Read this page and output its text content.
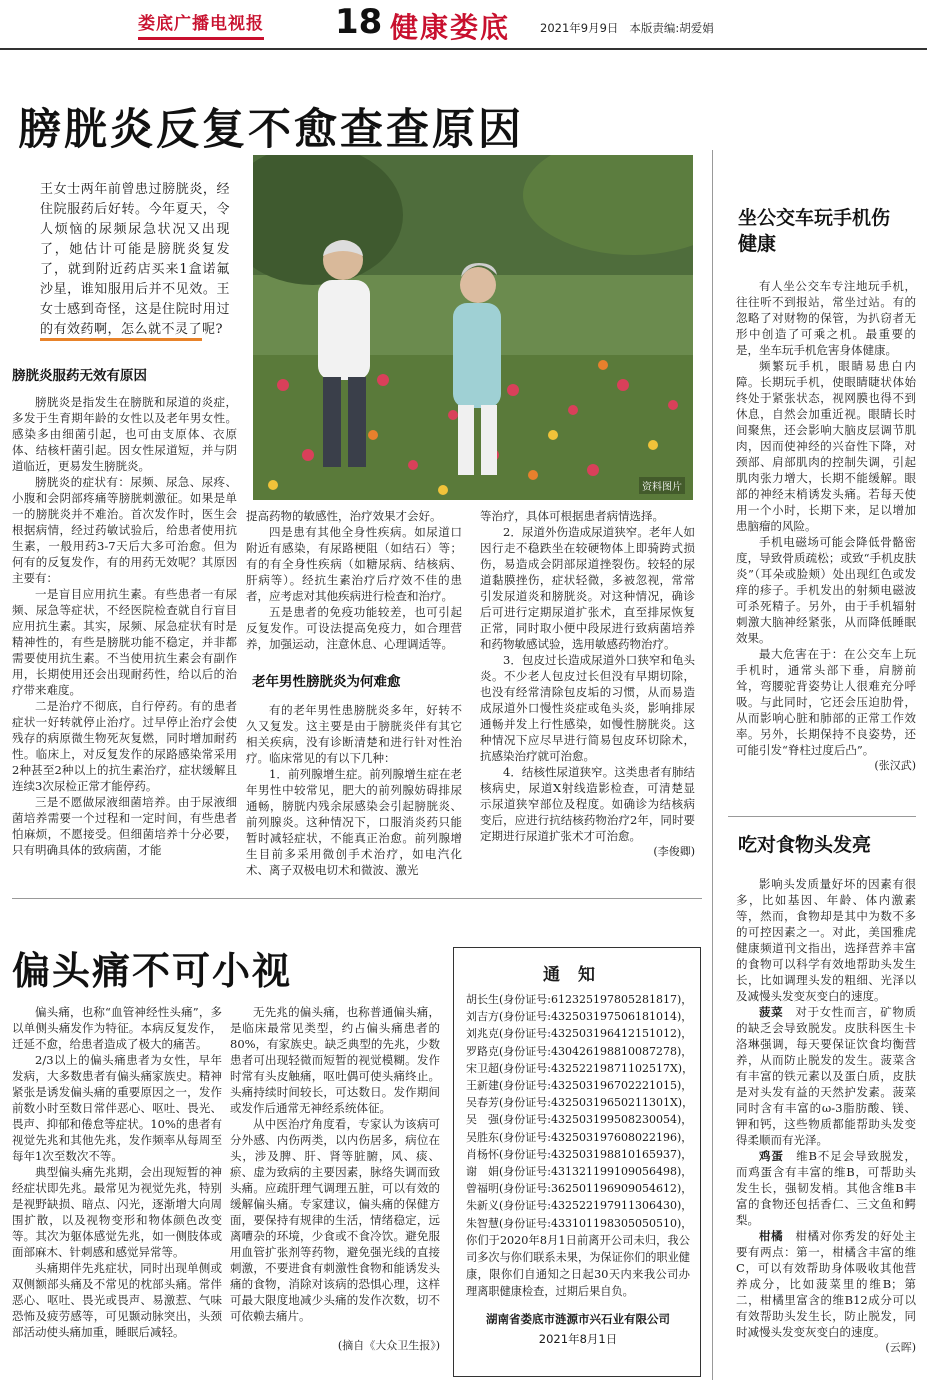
娄底广播电视报 18 健康娄底	2021年9月9日 本版责编:胡爱娟
膀胱炎反复不愈查查原因
王女士两年前曾患过膀胱炎，经住院服药后好转。今年夏天，令人烦恼的尿频尿急状况又出现了，她估计可能是膀胱炎复发了，就到附近药店买来1盒诺氟沙星，谁知服用后并不见效。王女士感到奇怪，这是住院时用过的有效药啊，怎么就不灵了呢?
资料图片
膀胱炎服药无效有原因

膀胱炎是指发生在膀胱和尿道的炎症，多发于生育期年龄的女性以及老年男女性。感染多由细菌引起，也可由支原体、衣原体、结核杆菌引起。因女性尿道短，并与阴道临近，更易发生膀胱炎。

膀胱炎的症状有：尿频、尿急、尿疼、小腹和会阴部疼痛等膀胱刺激征。如果是单一的膀胱炎并不难治。首次发作时，医生会根据病情，经过药敏试验后，给患者使用抗生素，一般用药3-7天后大多可治愈。但为何有的反复发作，有的用药无效呢？其原因主要有：

一是盲目应用抗生素。有些患者一有尿频、尿急等症状，不经医院检查就自行盲目应用抗生素。其实，尿频、尿急症状有时是精神性的，有些是膀胱功能不稳定，并非都需要使用抗生素。不当使用抗生素会有副作用，长期使用还会出现耐药性，给以后的治疗带来难度。

二是治疗不彻底，自行停药。有的患者症状一好转就停止治疗。过早停止治疗会使残存的病原微生物死灰复燃，同时增加耐药性。临床上，对反复发作的尿路感染常采用2种甚至2种以上的抗生素治疗，症状缓解且连续3次尿检正常才能停药。

三是不愿做尿液细菌培养。由于尿液细菌培养需要一个过程和一定时间，有些患者怕麻烦，不愿接受。但细菌培养十分必要，只有明确具体的致病菌，才能

提高药物的敏感性，治疗效果才会好。

四是患有其他全身性疾病。如尿道口附近有感染，有尿路梗阻（如结石）等；有的有全身性疾病（如糖尿病、结核病、肝病等）。经抗生素治疗后疗效不佳的患者，应考虑对其他疾病进行检查和治疗。

五是患者的免疫功能较差，也可引起反复发作。可设法提高免疫力，如合理营养，加强运动，注意休息、心理调适等。

老年男性膀胱炎为何难愈

有的老年男性患膀胱炎多年，好转不久又复发。这主要是由于膀胱炎伴有其它相关疾病，没有诊断清楚和进行针对性治疗。临床常见的有以下几种：

1．前列腺增生症。前列腺增生症在老年男性中较常见，肥大的前列腺妨碍排尿通畅，膀胱内残余尿感染会引起膀胱炎、前列腺炎。这种情况下，口服消炎药只能暂时减轻症状，不能真正治愈。前列腺增生目前多采用微创手术治疗，如电汽化术、离子双极电切术和微波、激光

等治疗，具体可根据患者病情选择。

2．尿道外伤造成尿道狭窄。老年人如因行走不稳跌坐在较硬物体上即骑跨式损伤，易造成会阴部尿道挫裂伤。较轻的尿道黏膜挫伤，症状轻微，多被忽视，常常引发尿道炎和膀胱炎。对这种情况，确诊后可进行定期尿道扩张术，直至排尿恢复正常，同时取小便中段尿进行致病菌培养和药物敏感试验，选用敏感药物治疗。

3．包皮过长造成尿道外口狭窄和龟头炎。不少老人包皮过长但没有早期切除，也没有经常清除包皮垢的习惯，从而易造成尿道外口慢性炎症或龟头炎，影响排尿通畅并发上行性感染，如慢性膀胱炎。这种情况下应尽早进行简易包皮环切除术，抗感染治疗就可治愈。

4．结核性尿道狭窄。这类患者有肺结核病史，尿道X射线造影检查，可清楚显示尿道狭窄部位及程度。如确诊为结核病变后，应进行抗结核药物治疗2年，同时要定期进行尿道扩张术才可治愈。

(李俊卿)
坐公交车玩手机伤健康

有人坐公交车专注地玩手机，往往听不到报站，常坐过站。有的忽略了对财物的保管，为扒窃者无形中创造了可乘之机。最重要的是，坐车玩手机危害身体健康。

频繁玩手机，眼睛易患白内障。长期玩手机，使眼睛睫状体始终处于紧张状态，视网膜也得不到休息，自然会加重近视。眼睛长时间聚焦，还会影响大脑皮层调节肌肉，因而使神经的兴奋性下降，对颈部、肩部肌肉的控制失调，引起肌肉张力增大，长期不能缓解。眼部的神经末梢诱发头痛。若每天使用一个小时，长期下来，足以增加患脑瘤的风险。

手机电磁场可能会降低骨骼密度，导致骨质疏松；或致“手机皮肤炎”（耳朵或脸颊）处出现红色或发痒的疹子。手机发出的射频电磁波可杀死精子。另外，由于手机辐射刺激大脑神经紧张，从而降低睡眠效果。

最大危害在于：在公交车上玩手机时，通常头部下垂，肩膀前耸，弯腰驼背姿势让人很难充分呼吸。与此同时，它还会压迫肋骨，从而影响心脏和肺部的正常工作效率。另外，长期保持不良姿势，还可能引发“脊柱过度后凸”。

(张汉武)
吃对食物头发亮

影响头发质量好坏的因素有很多，比如基因、年龄、体内激素等，然而，食物却是其中为数不多的可控因素之一。对此，美国雅虎健康频道刊文指出，选择营养丰富的食物可以科学有效地帮助头发生长，比如调理头发的粗细、光泽以及减慢头发变灰变白的速度。

菠菜　 对于女性而言，矿物质的缺乏会导致脱发。皮肤科医生卡洛琳强调，每天要保证饮食均衡营养，从而防止脱发的发生。菠菜含有丰富的铁元素以及蛋白质，皮肤是对头发有益的天然护发素。菠菜同时含有丰富的ω-3脂肪酸、镁、钾和钙，这些物质都能帮助头发变得柔顺而有光泽。

鸡蛋　 维B不足会导致脱发，而鸡蛋含有丰富的维B，可帮助头发生长，强韧发梢。其他含维B丰富的食物还包括香仁、三文鱼和鳄梨。

柑橘　 柑橘对你秀发的好处主要有两点：第一，柑橘含丰富的维C，可以有效帮助身体吸收其他营养成分，比如菠菜里的维B；第二，柑橘里富含的维B12成分可以有效帮助头发生长，防止脱发，同时减慢头发变灰变白的速度。

(云晖)
偏头痛不可小视

偏头痛，也称“血管神经性头痛”，多以单侧头痛发作为特征。本病反复发作，迁延不愈，给患者造成了极大的痛苦。

2/3以上的偏头痛患者为女性，早年发病，大多数患者有偏头痛家族史。精神紧张是诱发偏头痛的重要原因之一，发作前数小时至数日常伴恶心、呕吐、畏光、畏声、抑郁和倦怠等症状。10%的患者有视觉先兆和其他先兆，发作频率从每周至每年1次至数次不等。

典型偏头痛先兆期，会出现短暂的神经症状即先兆。最常见为视觉先兆，特别是视野缺损、暗点、闪光，逐渐增大向周围扩散，以及视物变形和物体颜色改变等。其次为躯体感觉先兆，如一侧肢体或面部麻木、针刺感和感觉异常等。

头痛期伴先兆症状，同时出现单侧或双侧额部头痛及不常见的枕部头痛。常伴恶心、呕吐、畏光或畏声、易激惹、气味恐怖及疲劳感等，可见颞动脉突出，头颈部活动使头痛加重，睡眠后减轻。

无先兆的偏头痛，也称普通偏头痛，是临床最常见类型，约占偏头痛患者的80%，有家族史。缺乏典型的先兆，少数患者可出现轻微而短暂的视觉模糊。发作时常有头皮触痛，呕吐偶可使头痛终止。头痛持续时间较长，可达数日。发作期间或发作后通常无神经系统体征。

从中医治疗角度看，专家认为该病可分外感、内伤两类，以内伤居多，病位在头，涉及脾、肝、肾等脏腑，风、痰、瘀、虚为致病的主要因素，脉络失调而致头痛。应疏肝理气调理五脏，可以有效的缓解偏头痛。专家建议，偏头痛的保健方面，要保持有规律的生活，情绪稳定，远离嘈杂的环境，少食或不食冷饮。避免服用血管扩张剂等药物，避免强光线的直接刺激，不要进食有刺激性食物和能诱发头痛的食物，消除对该病的恐惧心理，这样可最大限度地减少头痛的发作次数，切不可依赖去痛片。

(摘自《大众卫生报》)
通知
胡长生(身份证号:612325197805281817)，
刘吉方(身份证号:432503197506181014)，
刘兆克(身份证号:432503196412151012)，
罗路克(身份证号:430426198810087278)，
宋卫超(身份证号:43252219871102517X)，
王新建(身份证号:432503196702221015)，
吴春芳(身份证号:43250319650211301X)，
吴　强(身份证号:432503199508230054)，
吴胜东(身份证号:432503197608022196)，
肖杨怀(身份证号:432503198810165937)，
谢　娟(身份证号:431321199109056498)，
曾福明(身份证号:362501196909054612)，
朱新义(身份证号:432522197911306430)，
朱智慧(身份证号:433101198305050510)，
你们于2020年8月1日前离开公司未归，我公司多次与你们联系未果，为保证你们的职业健康，限你们自通知之日起30天内来我公司办理离职健康检查，过期后果自负。
湖南省娄底市涟源市兴石业有限公司
2021年8月1日
